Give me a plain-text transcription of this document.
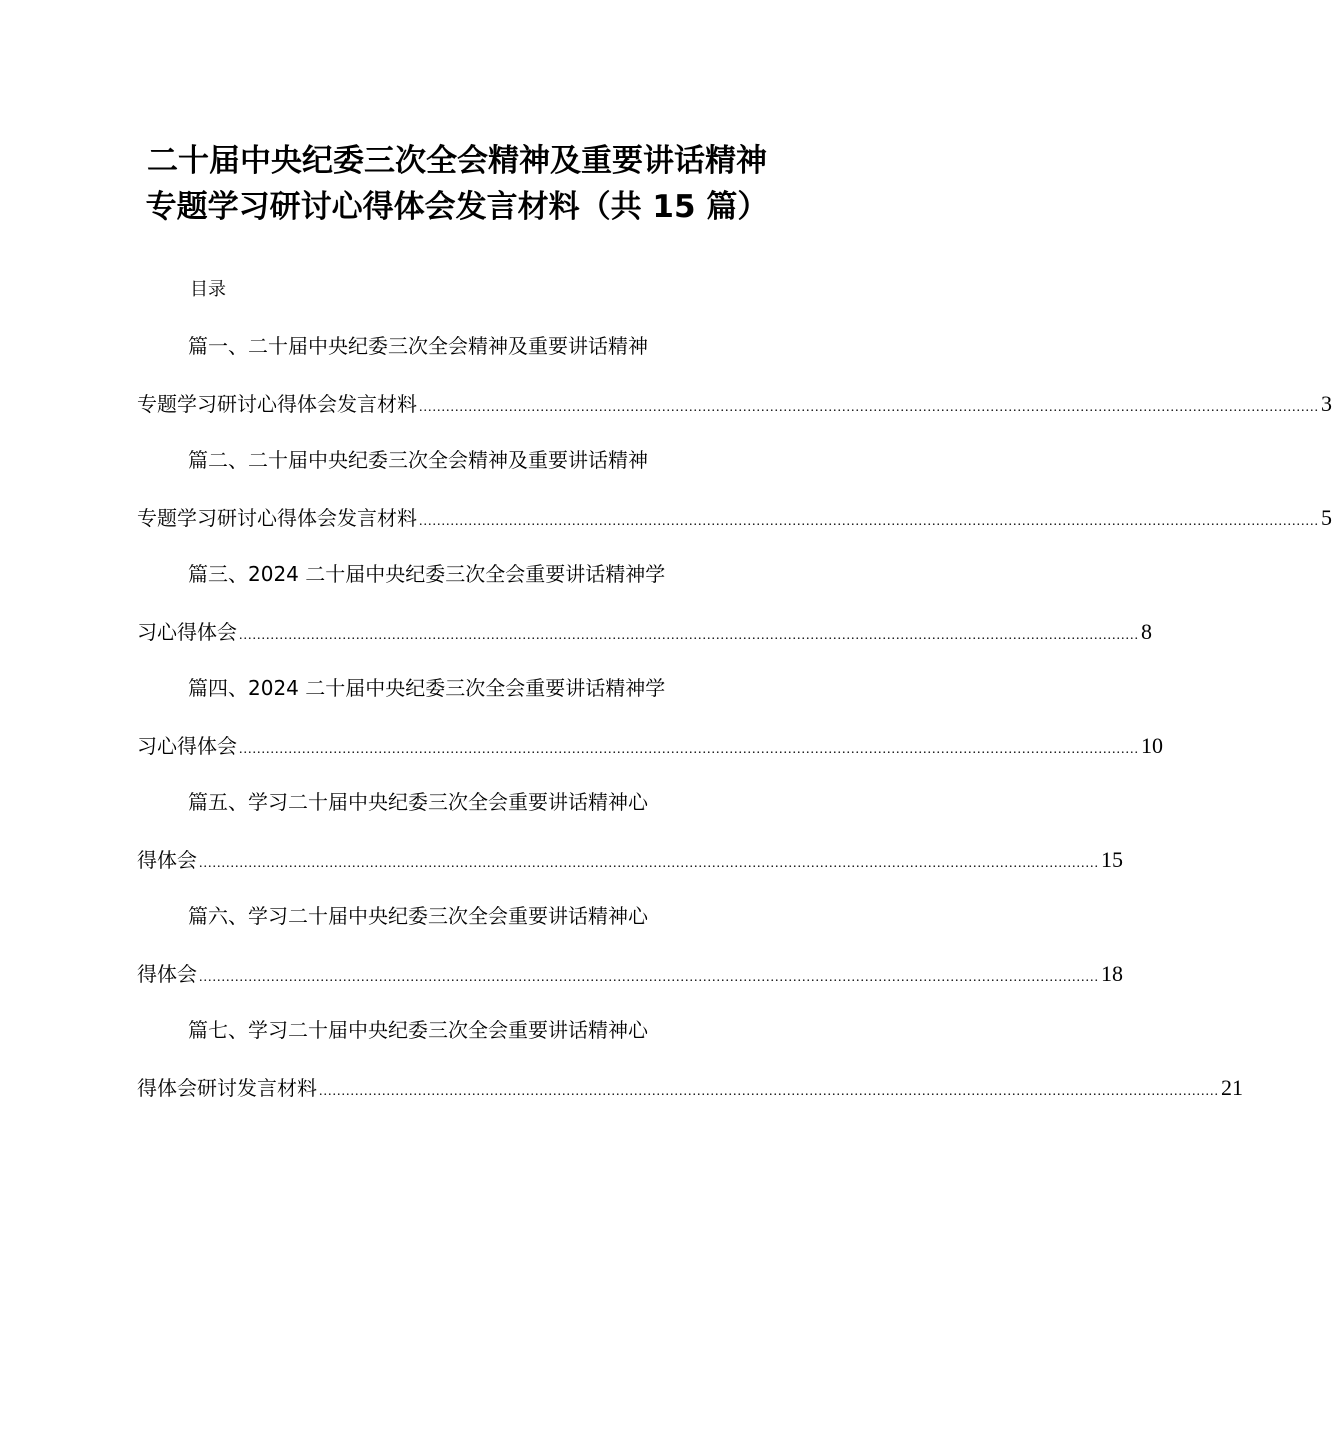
二十届中央纪委三次全会精神及重要讲话精神专题学习研讨心得体会发言材料（共 15 篇）
目录
篇一、二十届中央纪委三次全会精神及重要讲话精神
专题学习研讨心得体会发言材料 ........................................................................................................................................................................................................ 3
篇二、二十届中央纪委三次全会精神及重要讲话精神
专题学习研讨心得体会发言材料 ........................................................................................................................................................................................................ 5
篇三、2024 二十届中央纪委三次全会重要讲话精神学
习心得体会 ........................................................................................................................................................................................................ 8
篇四、2024 二十届中央纪委三次全会重要讲话精神学
习心得体会 ........................................................................................................................................................................................................ 10
篇五、学习二十届中央纪委三次全会重要讲话精神心
得体会 ........................................................................................................................................................................................................ 15
篇六、学习二十届中央纪委三次全会重要讲话精神心
得体会 ........................................................................................................................................................................................................ 18
篇七、学习二十届中央纪委三次全会重要讲话精神心
得体会研讨发言材料 ........................................................................................................................................................................................................ 21
